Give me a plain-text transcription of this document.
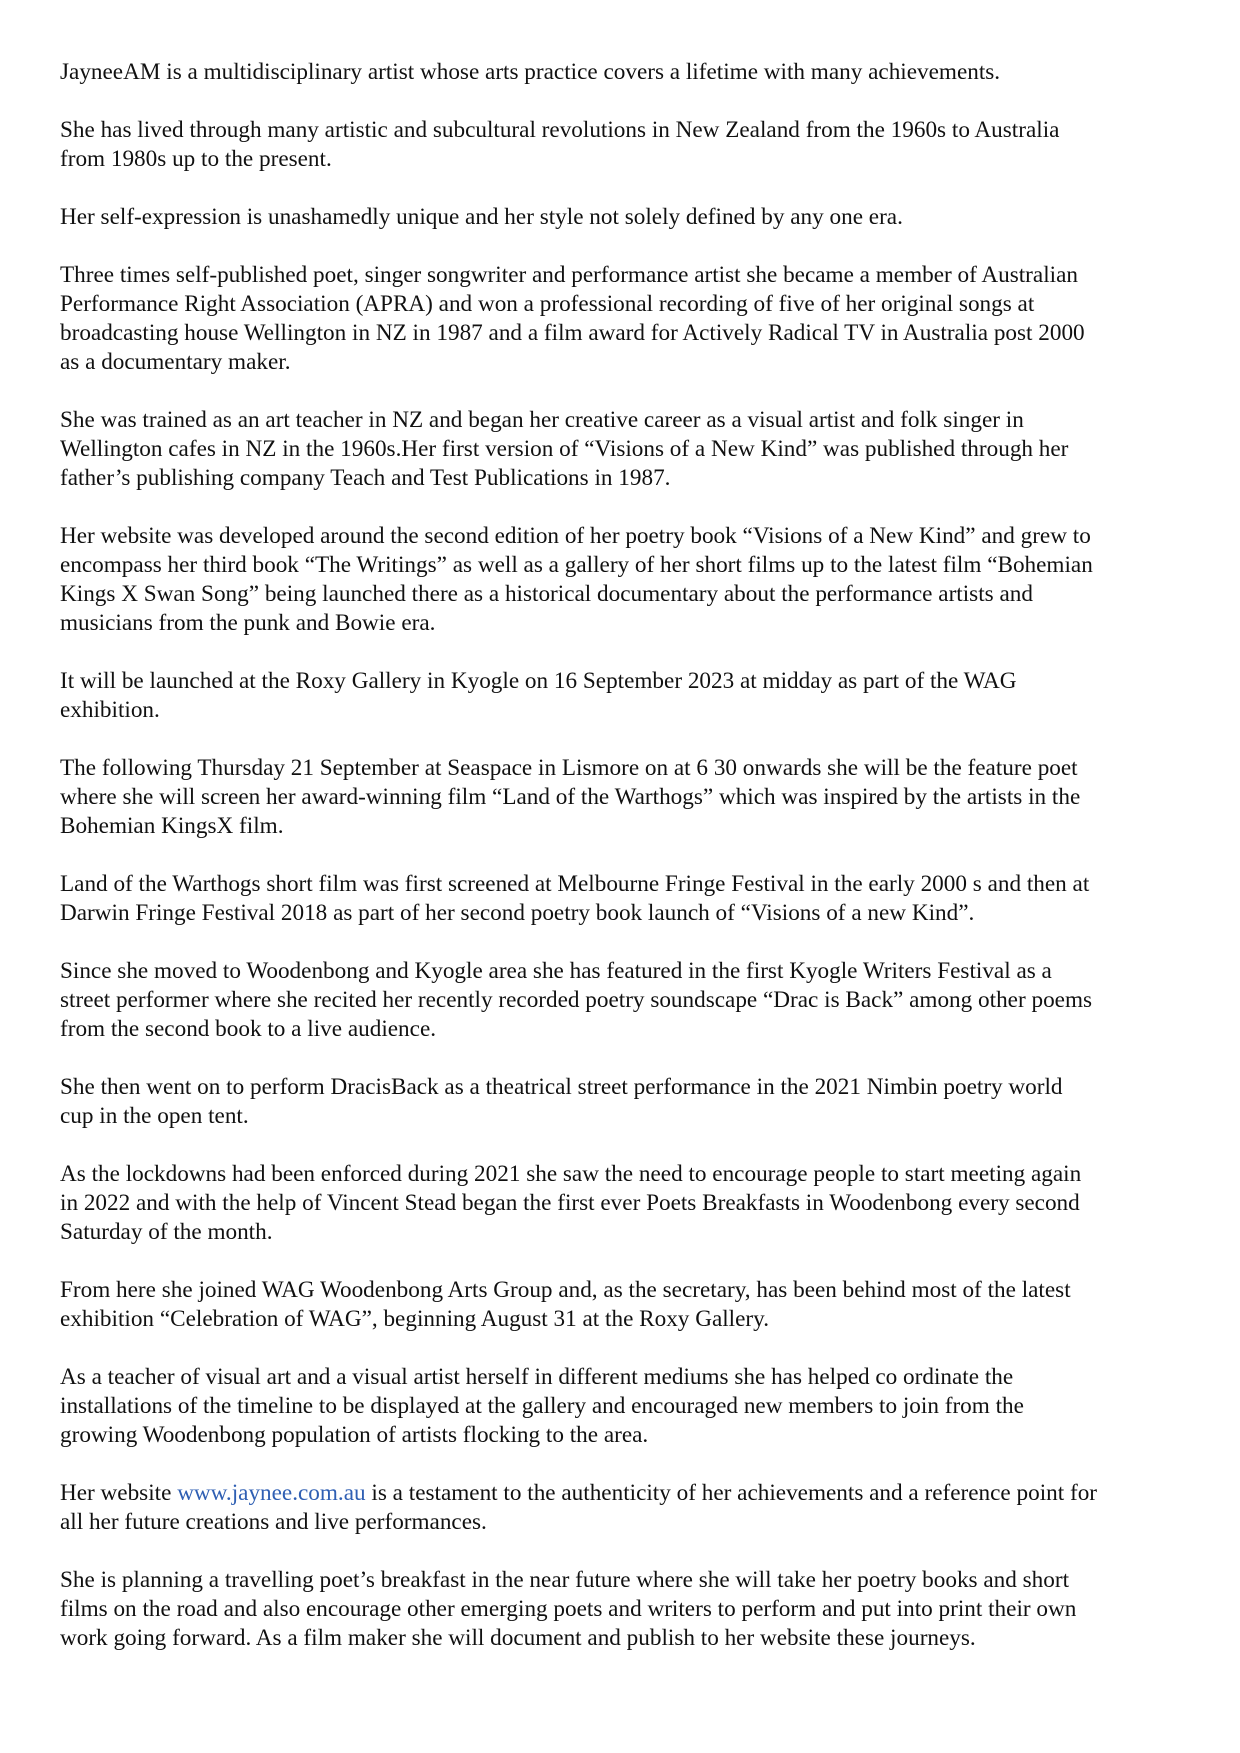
JayneeAM is a multidisciplinary artist whose arts practice covers a lifetime with many achievements.

She has lived through many artistic and subcultural revolutions in New Zealand from the 1960s to Australia
from 1980s up to the present.

Her self-expression is unashamedly unique and her style not solely defined by any one era.

Three times self-published poet, singer songwriter and performance artist she became a member of Australian
Performance Right Association (APRA) and won a professional recording of five of her original songs at
broadcasting house Wellington in NZ in 1987 and a film award for Actively Radical TV in Australia post 2000
as a documentary maker.

She was trained as an art teacher in NZ and began her creative career as a visual artist and folk singer in
Wellington cafes in NZ in the 1960s.Her first version of “Visions of a New Kind” was published through her
father’s publishing company Teach and Test Publications in 1987.

Her website was developed around the second edition of her poetry book “Visions of a New Kind” and grew to
encompass her third book “The Writings” as well as a gallery of her short films up to the latest film “Bohemian
Kings X Swan Song” being launched there as a historical documentary about the performance artists and
musicians from the punk and Bowie era.

It will be launched at the Roxy Gallery in Kyogle on 16 September 2023 at midday as part of the WAG
exhibition.

The following Thursday 21 September at Seaspace in Lismore on at 6 30 onwards she will be the feature poet
where she will screen her award-winning film “Land of the Warthogs” which was inspired by the artists in the
Bohemian KingsX film.

Land of the Warthogs short film was first screened at Melbourne Fringe Festival in the early 2000 s and then at
Darwin Fringe Festival 2018 as part of her second poetry book launch of “Visions of a new Kind”.

Since she moved to Woodenbong and Kyogle area she has featured in the first Kyogle Writers Festival as a
street performer where she recited her recently recorded poetry soundscape “Drac is Back” among other poems
from the second book to a live audience.

She then went on to perform DracisBack as a theatrical street performance in the 2021 Nimbin poetry world
cup in the open tent.

As the lockdowns had been enforced during 2021 she saw the need to encourage people to start meeting again
in 2022 and with the help of Vincent Stead began the first ever Poets Breakfasts in Woodenbong every second
Saturday of the month.

From here she joined WAG Woodenbong Arts Group and, as the secretary, has been behind most of the latest
exhibition “Celebration of WAG”, beginning August 31 at the Roxy Gallery.

As a teacher of visual art and a visual artist herself in different mediums she has helped co ordinate the
installations of the timeline to be displayed at the gallery and encouraged new members to join from the
growing Woodenbong population of artists flocking to the area.

Her website www.jaynee.com.au is a testament to the authenticity of her achievements and a reference point for
all her future creations and live performances.

She is planning a travelling poet’s breakfast in the near future where she will take her poetry books and short
films on the road and also encourage other emerging poets and writers to perform and put into print their own
work going forward. As a film maker she will document and publish to her website these journeys.
